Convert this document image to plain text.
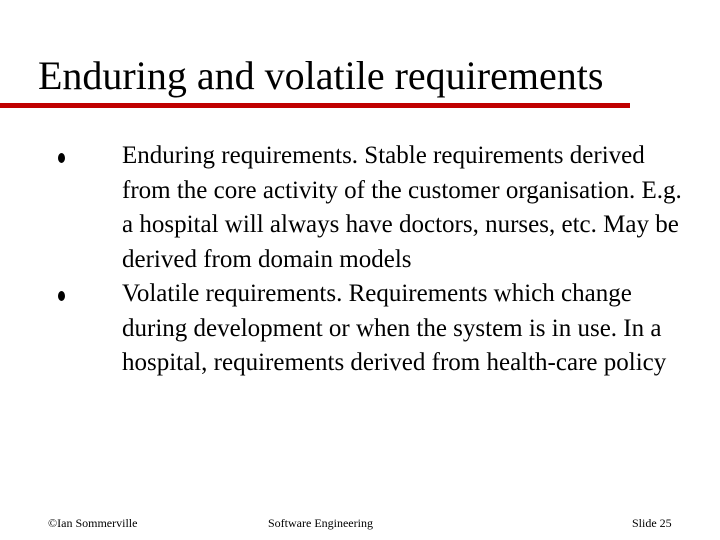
Enduring and volatile requirements
Enduring requirements. Stable requirements derived from the core activity of the customer organisation. E.g. a hospital will always have doctors, nurses, etc. May be derived from domain models
Volatile requirements. Requirements which change during development or when the system is in use. In a hospital, requirements derived from health-care policy
©Ian Sommerville	Software Engineering	Slide 25
